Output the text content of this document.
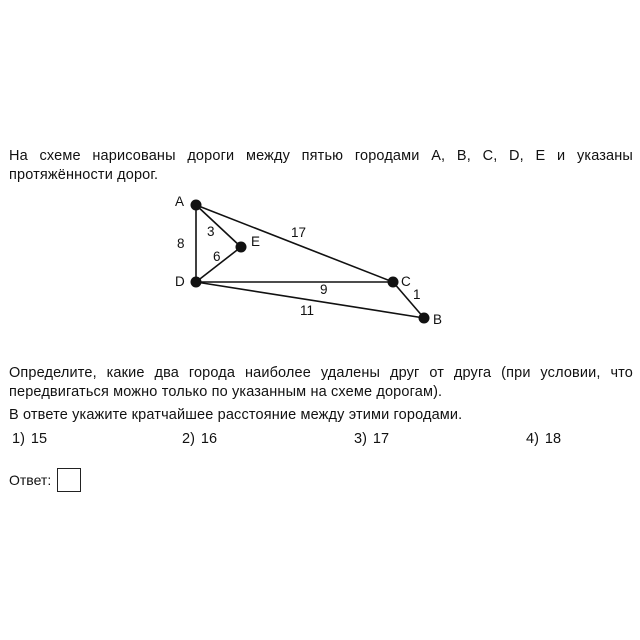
На схеме нарисованы дороги между пятью городами A, B, C, D, E и указаны протяжённости дорог.
A
E
D	C
B
3
8
17
6
9
11
1
Определите, какие два города наиболее удалены друг от друга (при условии, что передвигаться можно только по указанным на схеме дорогам).
В ответе укажите кратчайшее расстояние между этими городами.
1) 15	2) 16	3) 17	4) 18
Ответ:
